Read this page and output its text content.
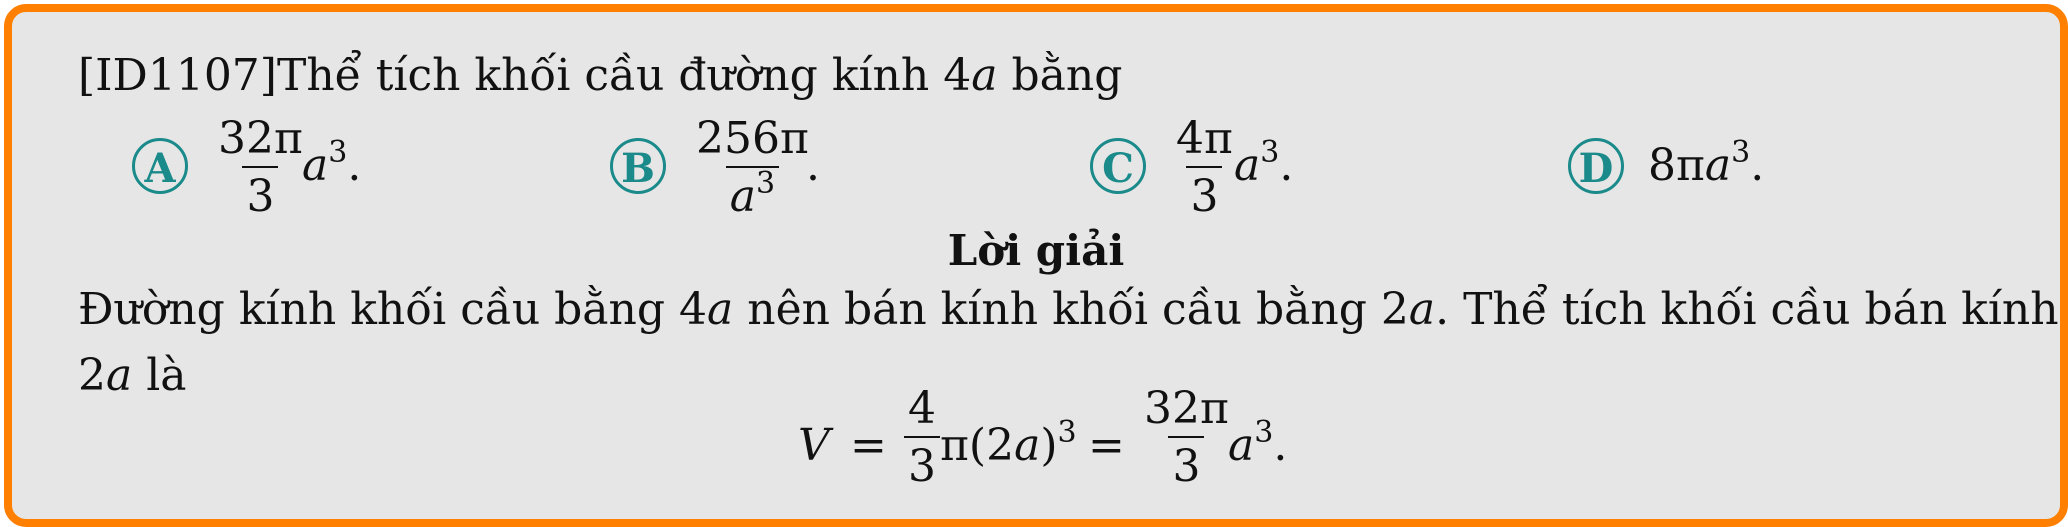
[ID1107]Thể tích khối cầu đường kính 4a bằng
A $\frac{32\pi}{3}$
$a^3$.	B $\frac{256\pi}{a^3}$
.	C $\frac{4\pi}{3}$
$a^3$.	D $8\pi a^3$.
Lời giải
Đường kính khối cầu bằng 4a nên bán kính khối cầu bằng 2a. Thể tích khối cầu bán kính
2a là
$V = \frac{4}{3} \pi(2a)^3 = \frac{32\pi}{3}$
$a^3$.
